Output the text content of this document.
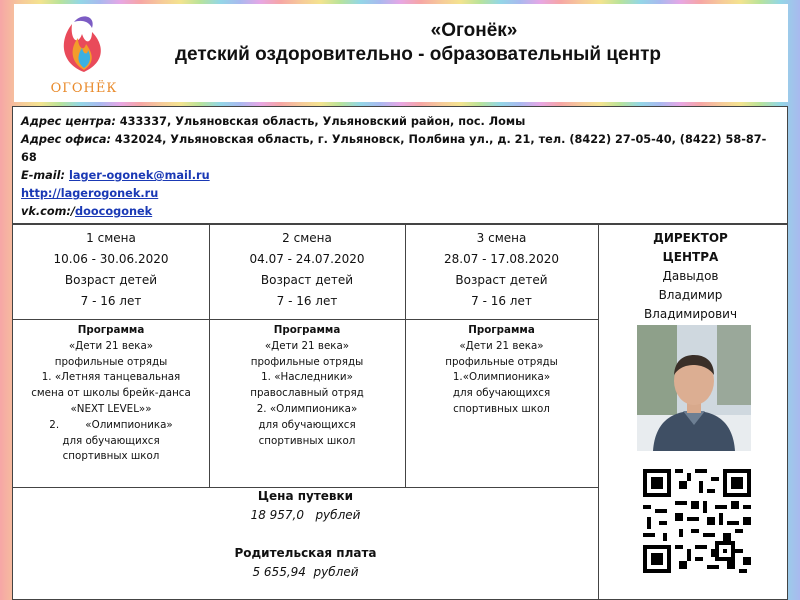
ОГОНЁК
«Огонёк»
детский оздоровительно - образовательный центр
Адрес центра: 433337, Ульяновская область, Ульяновский район, пос. Ломы
Адрес офиса: 432024, Ульяновская область, г. Ульяновск, Полбина ул., д. 21, тел. (8422) 27-05-40, (8422) 58-87-68
E-mail: lager-ogonek@mail.ru
http://lagerogonek.ru
vk.com:/doocogonek
1 смена
10.06 - 30.06.2020
Возраст детей
7 - 16 лет
2 смена
04.07 - 24.07.2020
Возраст детей
7 - 16 лет
3 смена
28.07 - 17.08.2020
Возраст детей
7 - 16 лет
Программа
«Дети 21 века»
профильные отряды
1. «Летняя танцевальная
смена от школы брейк-данса
«NEXT LEVEL»»
2.        «Олимпионика»
для обучающихся
спортивных школ
Программа
«Дети 21 века»
профильные отряды
1. «Наследники»
православный отряд
2. «Олимпионика»
для обучающихся
спортивных школ
Программа
«Дети 21 века»
профильные отряды
1.«Олимпионика»
для обучающихся
спортивных школ
ДИРЕКТОР
ЦЕНТРА
Давыдов
Владимир
Владимирович
Цена путевки
18 957,0   рублей
Родительская плата
5 655,94  рублей
